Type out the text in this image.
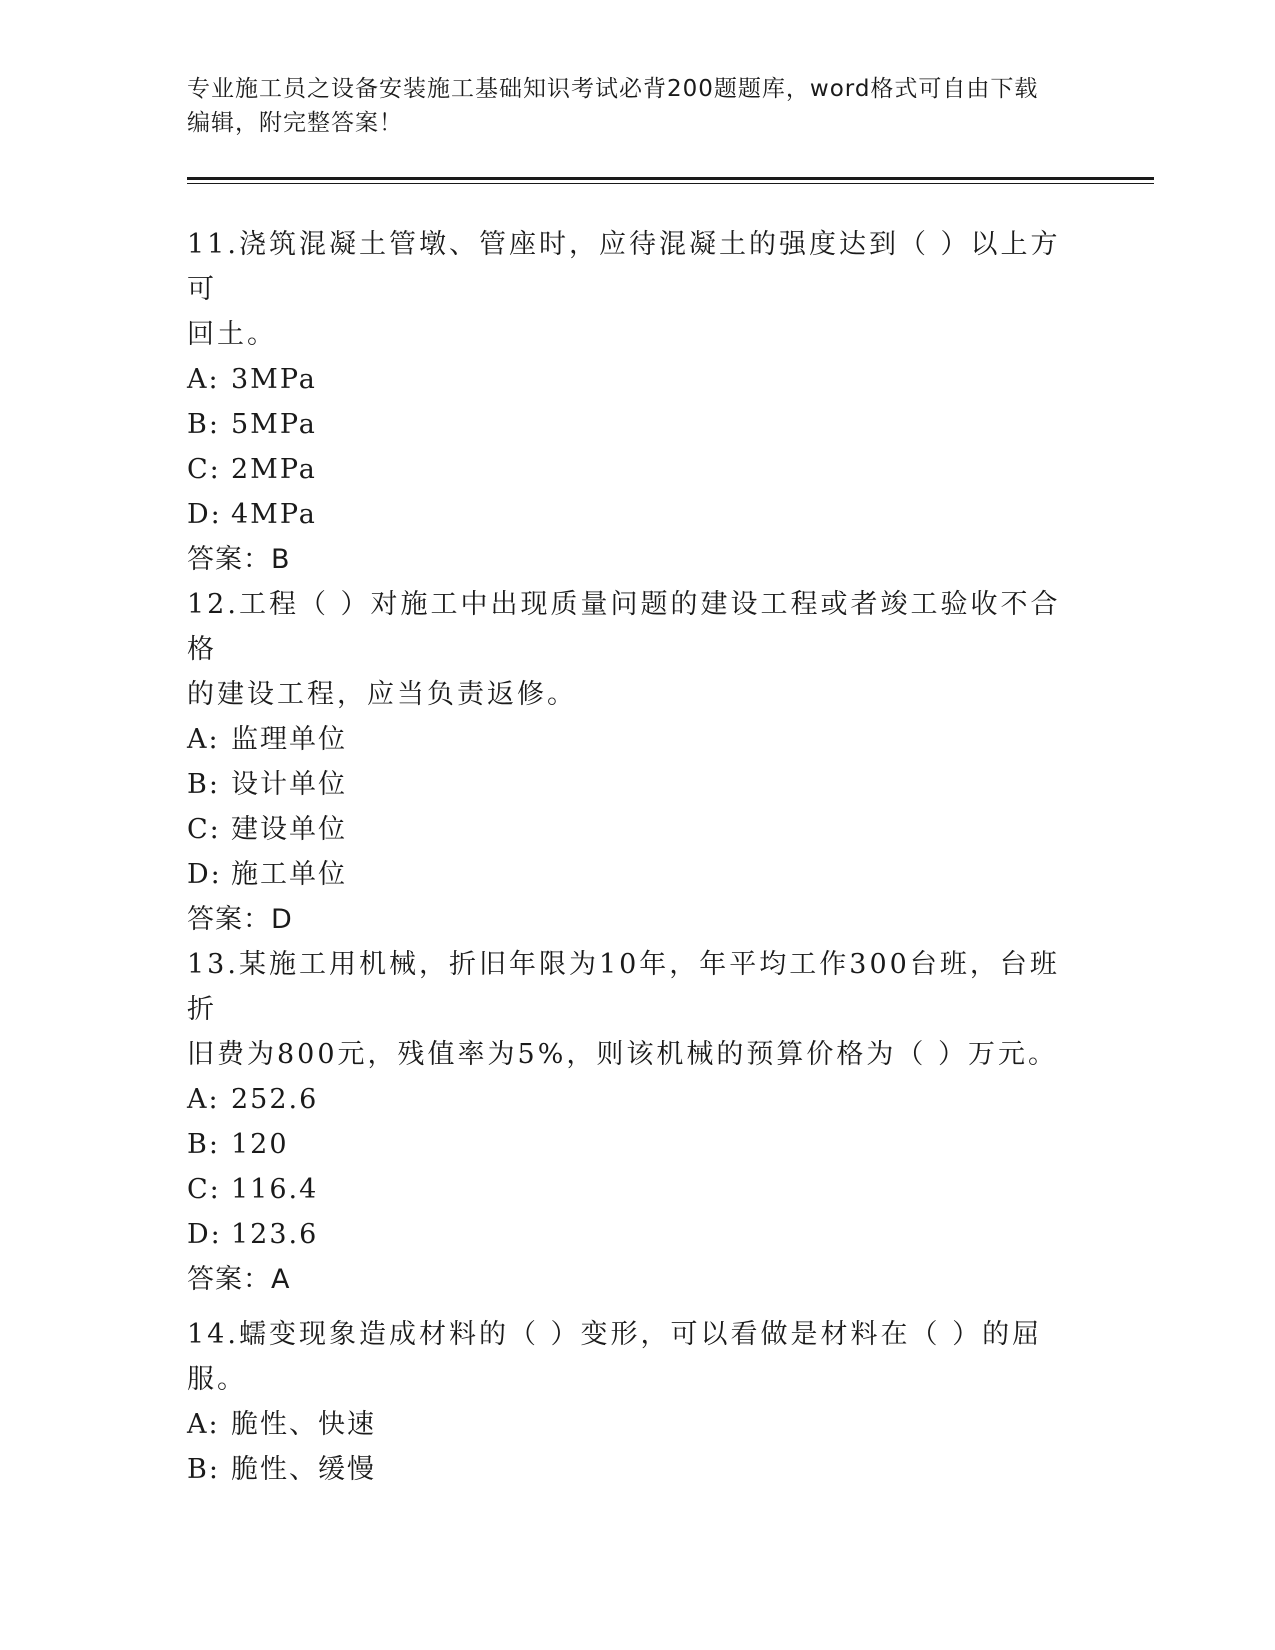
专业施工员之设备安装施工基础知识考试必背200题题库，word格式可自由下载
编辑，附完整答案！

11.浇筑混凝土管墩、管座时，应待混凝土的强度达到（ ）以上方可

回土。

A: 3MPa

B: 5MPa

C: 2MPa

D: 4MPa

答案：B

12.工程（ ）对施工中出现质量问题的建设工程或者竣工验收不合格

的建设工程，应当负责返修。

A: 监理单位

B: 设计单位

C: 建设单位

D: 施工单位

答案：D

13.某施工用机械，折旧年限为10年，年平均工作300台班，台班折

旧费为800元，残值率为5%，则该机械的预算价格为（ ）万元。

A: 252.6

B: 120

C: 116.4

D: 123.6

答案：A

14.蠕变现象造成材料的（ ）变形，可以看做是材料在（ ）的屈服。

A: 脆性、快速

B: 脆性、缓慢
